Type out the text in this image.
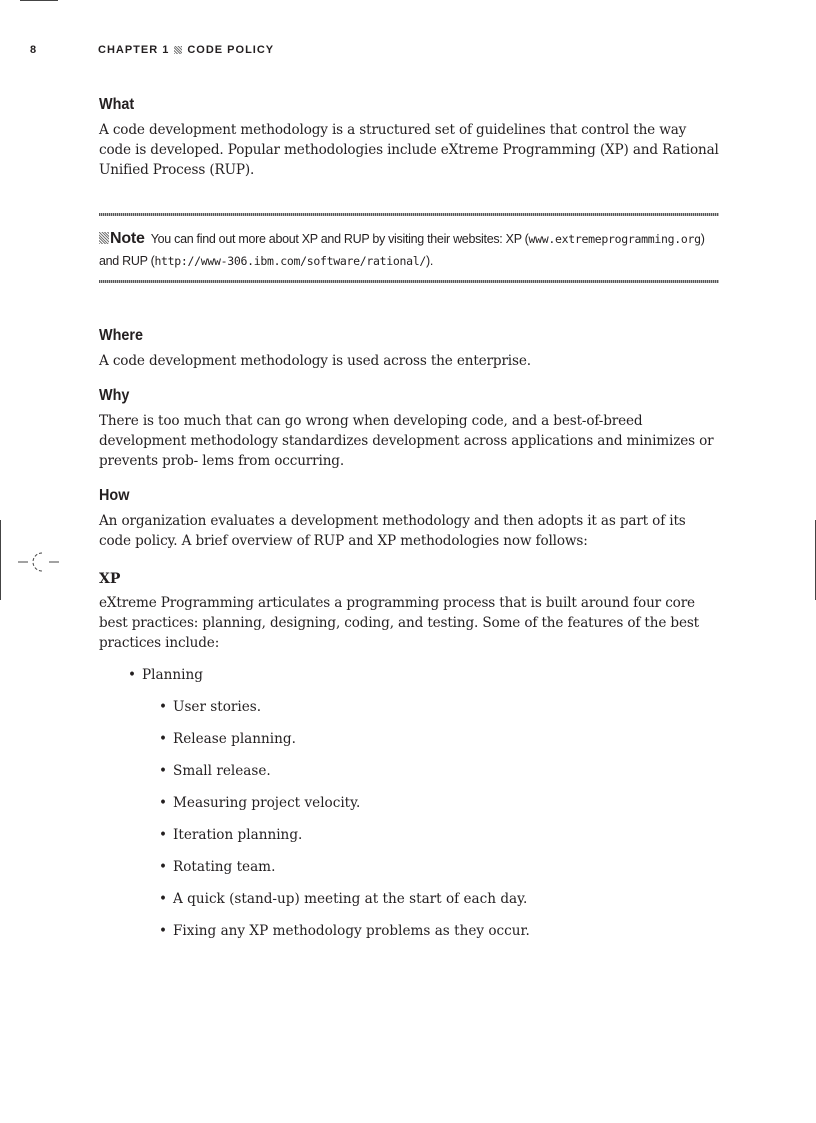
8	CHAPTER 1 CODE POLICY
What

A code development methodology is a structured set of guidelines that control the way code is developed. Popular methodologies include eXtreme Programming (XP) and Rational Unified Process (RUP).

Note You can find out more about XP and RUP by visiting their websites: XP (www.extremeprogramming.org) and RUP (http://www-306.ibm.com/software/rational/).
Where

A code development methodology is used across the enterprise.

Why

There is too much that can go wrong when developing code, and a best-of-breed development methodology standardizes development across applications and minimizes or prevents prob- lems from occurring.

How

An organization evaluates a development methodology and then adopts it as part of its code policy. A brief overview of RUP and XP methodologies now follows:

XP

eXtreme Programming articulates a programming process that is built around four core best practices: planning, designing, coding, and testing. Some of the features of the best practices include:

• Planning
• User stories.
• Release planning.
• Small release.
• Measuring project velocity.
• Iteration planning.
• Rotating team.
• A quick (stand-up) meeting at the start of each day.
• Fixing any XP methodology problems as they occur.
